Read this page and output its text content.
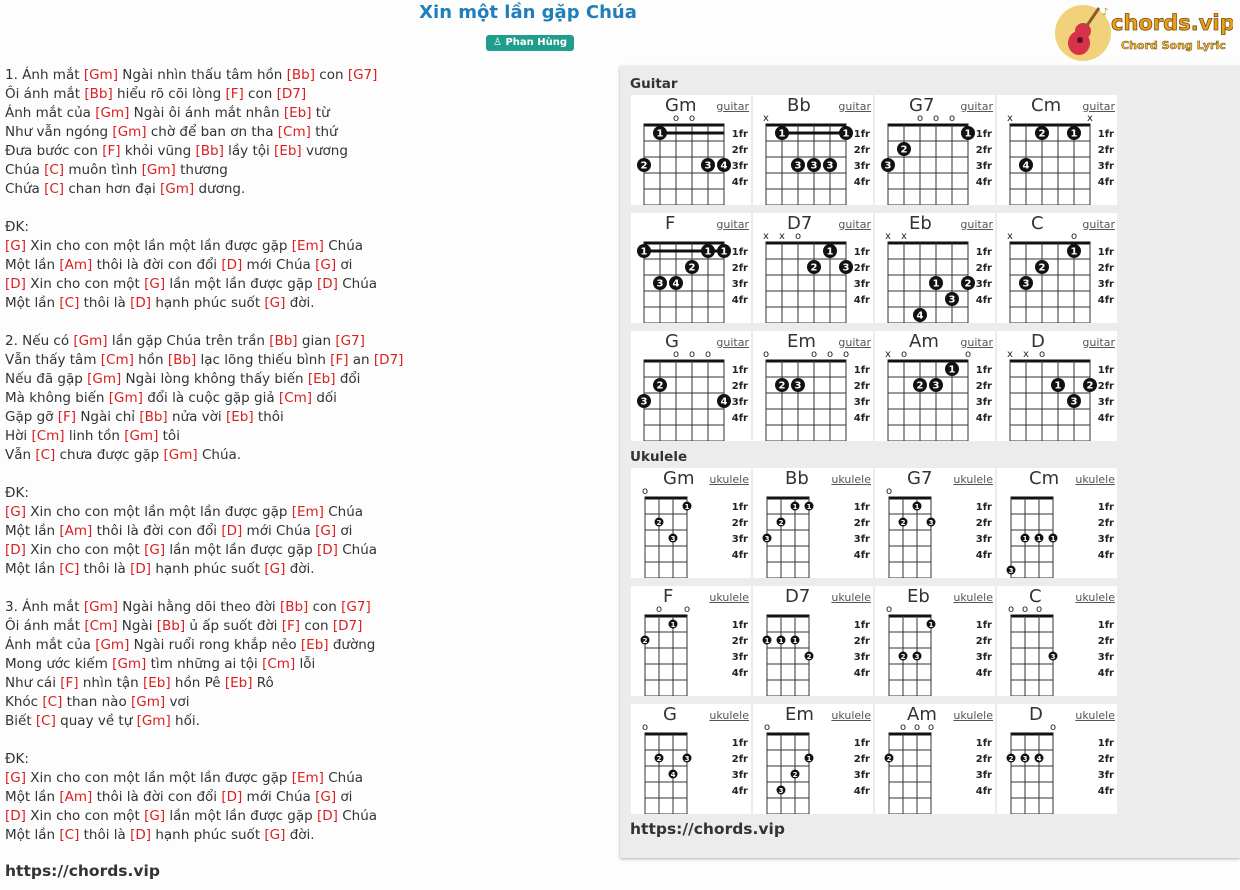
Xin một lần gặp Chúa
♙ Phan Hùng
♪ chords.vip
Chord Song Lyric
1. Ánh mắt [Gm] Ngài nhìn thấu tâm hồn [Bb] con [G7]
Ôi ánh mắt [Bb] hiểu rõ cõi lòng [F] con [D7]
Ánh mắt của [Gm] Ngài ôi ánh mắt nhân [Eb] từ
Như vẫn ngóng [Gm] chờ để ban ơn tha [Cm] thứ
Đưa bước con [F] khỏi vũng [Bb] lầy tội [Eb] vương
Chúa [C] muôn tình [Gm] thương
Chứa [C] chan hơn đại [Gm] dương.
ĐK:
[G] Xin cho con một lần một lần được gặp [Em] Chúa
Một lần [Am] thôi là đời con đổi [D] mới Chúa [G] ơi
[D] Xin cho con một [G] lần một lần được gặp [D] Chúa
Một lần [C] thôi là [D] hạnh phúc suốt [G] đời.
2. Nếu có [Gm] lần gặp Chúa trên trần [Bb] gian [G7]
Vẫn thấy tâm [Cm] hồn [Bb] lạc lõng thiếu bình [F] an [D7]
Nếu đã gặp [Gm] Ngài lòng không thấy biến [Eb] đổi
Mà không biến [Gm] đổi là cuộc gặp giả [Cm] dối
Gặp gỡ [F] Ngài chỉ [Bb] nửa vời [Eb] thôi
Hời [Cm] linh tồn [Gm] tôi
Vẫn [C] chưa được gặp [Gm] Chúa.
ĐK:
[G] Xin cho con một lần một lần được gặp [Em] Chúa
Một lần [Am] thôi là đời con đổi [D] mới Chúa [G] ơi
[D] Xin cho con một [G] lần một lần được gặp [D] Chúa
Một lần [C] thôi là [D] hạnh phúc suốt [G] đời.
3. Ánh mắt [Gm] Ngài hằng dõi theo đời [Bb] con [G7]
Ôi ánh mắt [Cm] Ngài [Bb] ủ ấp suốt đời [F] con [D7]
Ánh mắt của [Gm] Ngài ruổi rong khắp nẻo [Eb] đường
Mong ước kiếm [Gm] tìm những ai tội [Cm] lỗi
Như cái [F] nhìn tận [Eb] hồn Pê [Eb] Rô
Khóc [C] than nào [Gm] vơi
Biết [C] quay về tự [Gm] hối.
ĐK:
[G] Xin cho con một lần một lần được gặp [Em] Chúa
Một lần [Am] thôi là đời con đổi [D] mới Chúa [G] ơi
[D] Xin cho con một [G] lần một lần được gặp [D] Chúa
Một lần [C] thôi là [D] hạnh phúc suốt [G] đời.
https://chords.vip
Guitar
o o
1
2	3 4
1fr
2fr
3fr
4fr
Gm guitar
x
1	1
3 3 3
1fr
2fr
3fr
4fr
Bb	guitar
o o o
1
2
3
1fr
2fr
3fr
4fr
G7 guitar
x	x
2	1
4
1fr
2fr
3fr
4fr
Cm guitar
1	1 1
2
3 4
1fr
2fr
3fr
4fr
F	guitar
x x o
1
2	3
1fr
2fr
3fr
4fr
D7 guitar
x x
1	2
3
4
1fr
2fr
3fr
4fr
Eb	guitar
x	o
1
2
3
1fr
2fr
3fr
4fr
C	guitar
o o o
2
3	4
1fr
2fr
3fr
4fr
G	guitar
o	o o o
2 3
1fr
2fr
3fr
4fr
Em guitar
x o	o
1
2 3
1fr
2fr
3fr
4fr
Am guitar
x x o
1	2
3
1fr
2fr
3fr
4fr
D	guitar
Ukulele
o
1
2
3
1fr
2fr
3fr
4fr
Gm ukulele
1 1
2
3
1fr
2fr
3fr
4fr
Bb ukulele
o
1
2	3
1fr
2fr
3fr
4fr
G7 ukulele
1 1 1
3
1fr
2fr
3fr
4fr
Cm ukulele
o o
1
2
1fr
2fr
3fr
4fr
F	ukulele
1 1 1
2
1fr
2fr
3fr
4fr
D7 ukulele
o
1
2 3
1fr
2fr
3fr
4fr
Eb ukulele
o o o
3
1fr
2fr
3fr
4fr
C	ukulele
o
2	3
4
1fr
2fr
3fr
4fr
G	ukulele
o
1
2
3
1fr
2fr
3fr
4fr
Em ukulele
o o o
2
1fr
2fr
3fr
4fr
Am ukulele
o
2 3 4
1fr
2fr
3fr
4fr
D	ukulele
https://chords.vip
